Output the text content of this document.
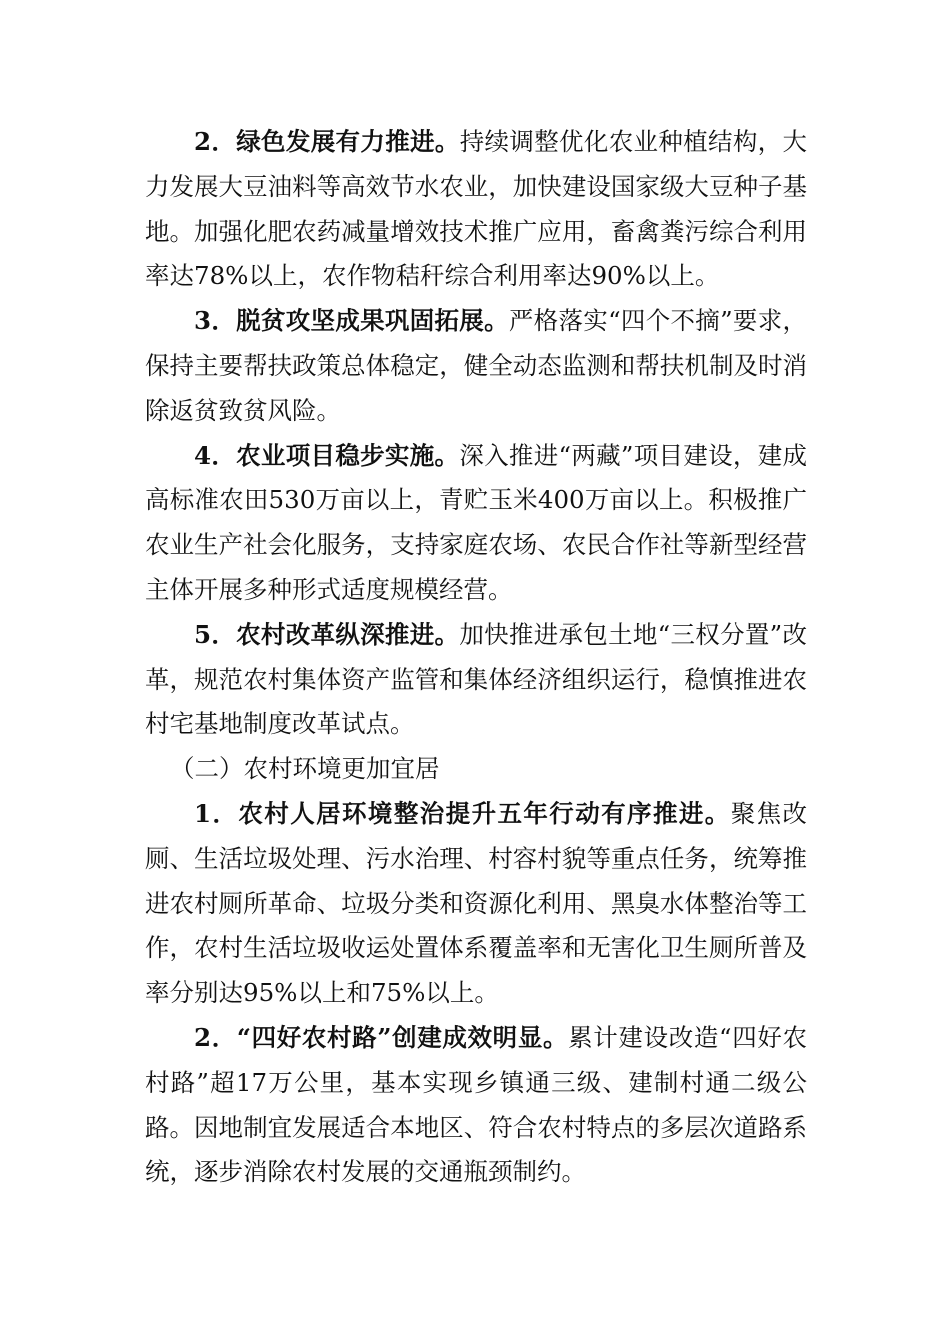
2．绿色发展有力推进。持续调整优化农业种植结构，大力发展大豆油料等高效节水农业，加快建设国家级大豆种子基地。加强化肥农药减量增效技术推广应用，畜禽粪污综合利用率达78%以上，农作物秸秆综合利用率达90%以上。

3．脱贫攻坚成果巩固拓展。严格落实“四个不摘”要求，保持主要帮扶政策总体稳定，健全动态监测和帮扶机制及时消除返贫致贫风险。

4．农业项目稳步实施。深入推进“两藏”项目建设，建成高标准农田530万亩以上，青贮玉米400万亩以上。积极推广农业生产社会化服务，支持家庭农场、农民合作社等新型经营主体开展多种形式适度规模经营。

5．农村改革纵深推进。加快推进承包土地“三权分置”改革，规范农村集体资产监管和集体经济组织运行，稳慎推进农村宅基地制度改革试点。

（二）农村环境更加宜居

1．农村人居环境整治提升五年行动有序推进。聚焦改厕、生活垃圾处理、污水治理、村容村貌等重点任务，统筹推进农村厕所革命、垃圾分类和资源化利用、黑臭水体整治等工作，农村生活垃圾收运处置体系覆盖率和无害化卫生厕所普及率分别达95%以上和75%以上。

2．“四好农村路”创建成效明显。累计建设改造“四好农村路”超17万公里，基本实现乡镇通三级、建制村通二级公路。因地制宜发展适合本地区、符合农村特点的多层次道路系统，逐步消除农村发展的交通瓶颈制约。
